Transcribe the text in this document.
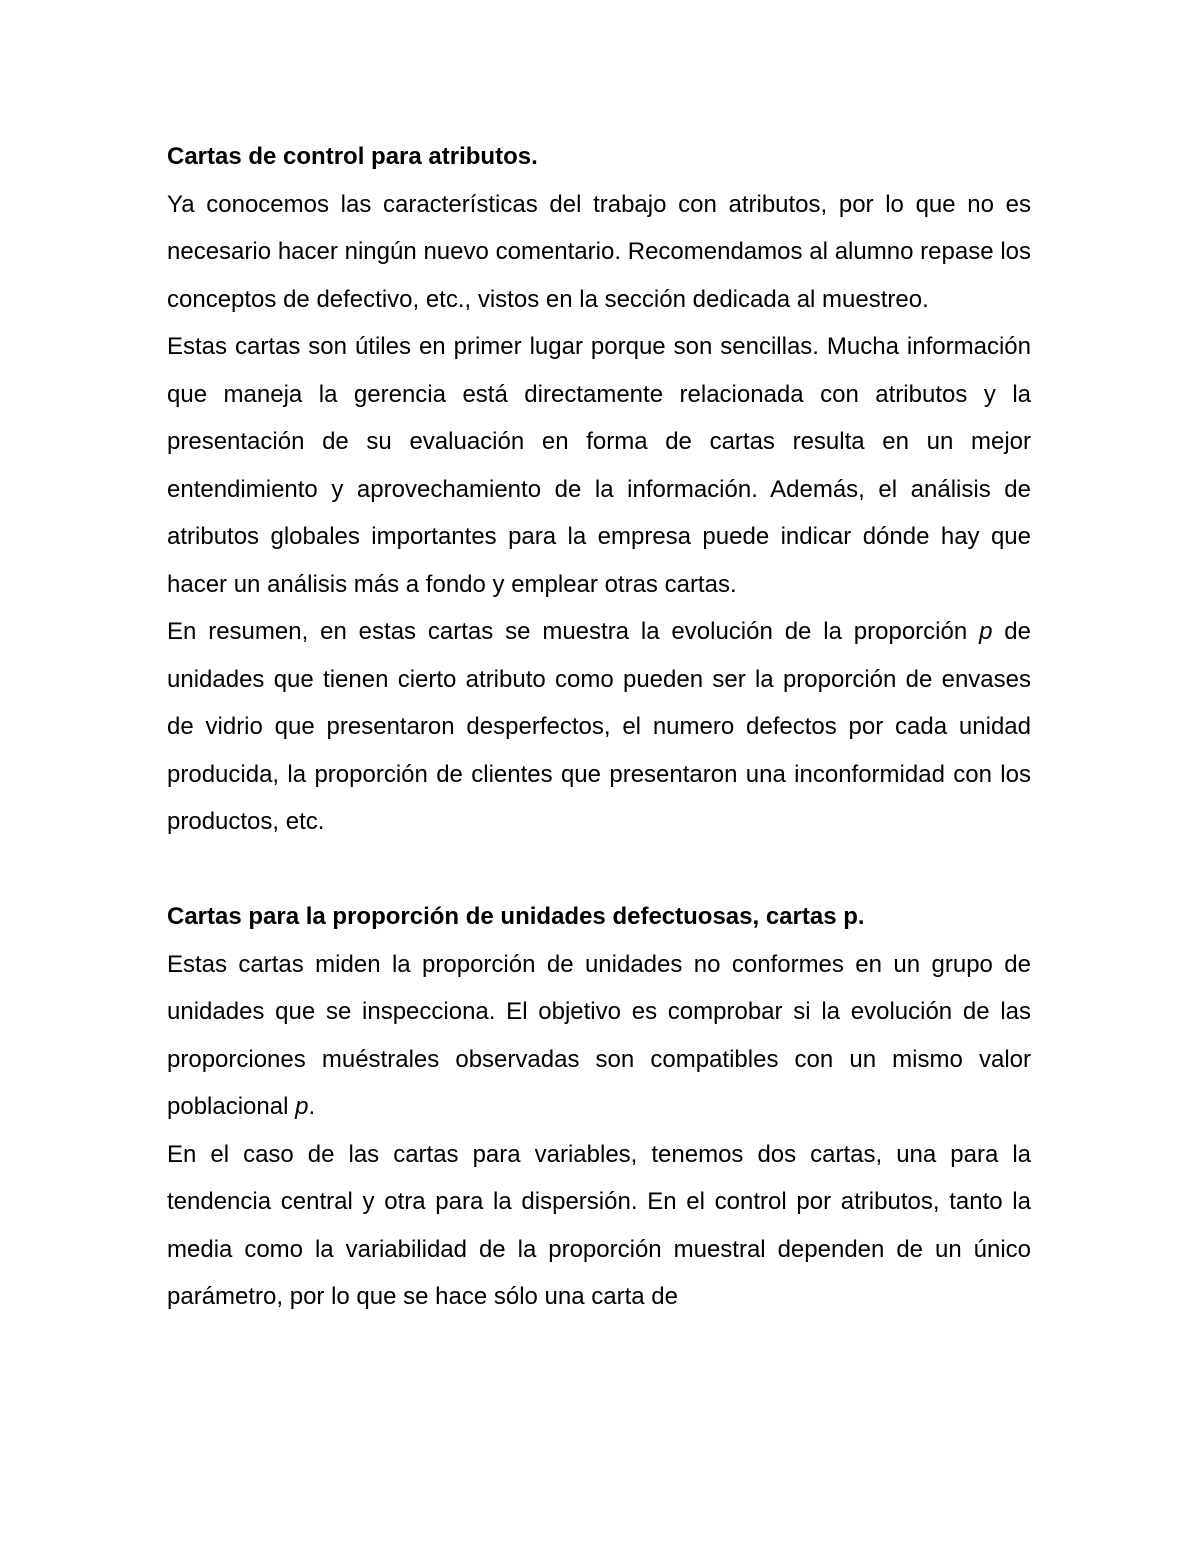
Cartas de control para atributos.

Ya conocemos las características del trabajo con atributos, por lo que no es necesario hacer ningún nuevo comentario. Recomendamos al alumno repase los conceptos de defectivo, etc., vistos en la sección dedicada al muestreo.

Estas cartas son útiles en primer lugar porque son sencillas. Mucha información que maneja la gerencia está directamente relacionada con atributos y la presentación de su evaluación en forma de cartas resulta en un mejor entendimiento y aprovechamiento de la información. Además, el análisis de atributos globales importantes para la empresa puede indicar dónde hay que hacer un análisis más a fondo y emplear otras cartas.

En resumen, en estas cartas se muestra la evolución de la proporción p de unidades que tienen cierto atributo como pueden ser la proporción de envases de vidrio que presentaron desperfectos, el numero defectos por cada unidad producida, la proporción de clientes que presentaron una inconformidad con los productos, etc.

Cartas para la proporción de unidades defectuosas, cartas p.

Estas cartas miden la proporción de unidades no conformes en un grupo de unidades que se inspecciona. El objetivo es comprobar si la evolución de las proporciones muéstrales observadas son compatibles con un mismo valor poblacional p.

En el caso de las cartas para variables, tenemos dos cartas, una para la tendencia central y otra para la dispersión. En el control por atributos, tanto la media como la variabilidad de la proporción muestral dependen de un único parámetro, por lo que se hace sólo una carta de
